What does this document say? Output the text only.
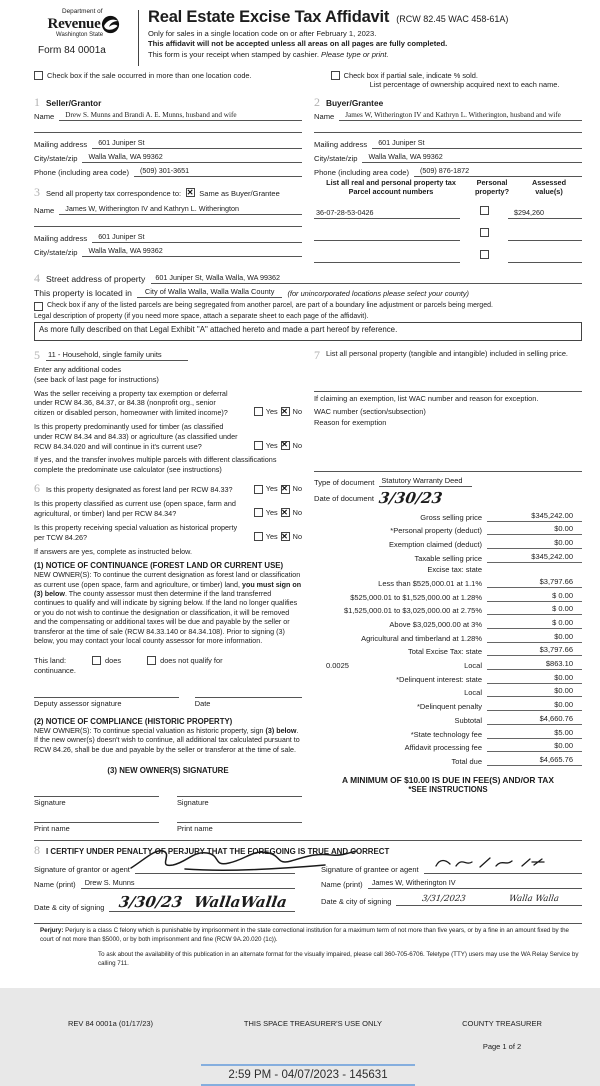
Department of
Revenue
Washington State
Form 84 0001a
Real Estate Excise Tax Affidavit (RCW 82.45 WAC 458-61A)
Only for sales in a single location code on or after February 1, 2023.
This affidavit will not be accepted unless all areas on all pages are fully completed.
This form is your receipt when stamped by cashier. Please type or print.
Check box if the sale occurred in more than one location code.	Check box if partial sale, indicate % sold.
List percentage of ownership acquired next to each name.
1 Seller/Grantor
Name	Drew S. Munns and Brandi A. E. Munns, husband and wife
Mailing address	601 Juniper St
City/state/zip	Walla Walla, WA 99362
Phone (including area code)	(509) 301-3651
3 Send all property tax correspondence to: ✕ Same as Buyer/Grantee
Name	James W, Witherington IV and Kathryn L. Witherington
Mailing address	601 Juniper St
City/state/zip	Walla Walla, WA 99362
2 Buyer/Grantee
Name	James W, Witherington IV and Kathryn L. Witherington, husband and wife
Mailing address	601 Juniper St
City/state/zip	Walla Walla, WA 99362
Phone (including area code)	(509) 876-1872
List all real and personal property tax
Parcel account numbers
Personal
property?
Assessed
value(s)
36-07-28-53-0426	$294,260
4 Street address of property	601 Juniper St, Walla Walla, WA 99362
This property is located in	City of Walla Walla, Walla Walla County	(for unincorporated locations please select your county)
Check box if any of the listed parcels are being segregated from another parcel, are part of a boundary line adjustment or parcels being merged.
Legal description of property (if you need more space, attach a separate sheet to each page of the affidavit).
As more fully described on that Legal Exhibit "A" attached hereto and made a part hereof by reference.
5 11 - Household, single family units
Enter any additional codes
(see back of last page for instructions)
Was the seller receiving a property tax exemption or deferral under RCW 84.36, 84.37, or 84.38 (nonprofit org., senior citizen or disabled person, homeowner with limited income)?	Yes ✕ No
Is this property predominantly used for timber (as classified under RCW 84.34 and 84.33) or agriculture (as classified under RCW 84.34.020 and will continue in it's current use?	Yes ✕ No
If yes, and the transfer involves multiple parcels with different classifications complete the predominate use calculator (see instructions)
6 Is this property designated as forest land per RCW 84.33?	Yes ✕ No
Is this property classified as current use (open space, farm and agricultural, or timber) land per RCW 84.34?	Yes ✕ No
Is this property receiving special valuation as historical property per TCW 84.26?	Yes ✕ No
If answers are yes, complete as instructed below.
(1) NOTICE OF CONTINUANCE (FOREST LAND OR CURRENT USE)
NEW OWNER(S): To continue the current designation as forest land or classification as current use (open space, farm and agriculture, or timber) land, you must sign on (3) below. The county assessor must then determine if the land transferred continues to qualify and will indicate by signing below. If the land no longer qualifies or you do not wish to continue the designation or classification, it will be removed and the compensating or additional taxes will be due and payable by the seller or transferor at the time of sale (RCW 84.33.140 or 84.34.108). Prior to signing (3) below, you may contact your local county assessor for more information.
This land:	does	does not qualify for
continuance.
Deputy assessor signature	Date
(2) NOTICE OF COMPLIANCE (HISTORIC PROPERTY)
NEW OWNER(S): To continue special valuation as historic property, sign (3) below. If the new owner(s) doesn't wish to continue, all additional tax calculated pursuant to RCW 84.26, shall be due and payable by the seller or transferor at the time of sale.
(3) NEW OWNER(S) SIGNATURE
Signature	Signature
Print name	Print name
7 List all personal property (tangible and intangible) included in selling price.
If claiming an exemption, list WAC number and reason for exception.
WAC number (section/subsection)
Reason for exemption
Type of document Statutory Warranty Deed
Date of document 3/30/23
Gross selling price	$345,242.00
*Personal property (deduct)	$0.00
Exemption claimed (deduct)	$0.00
Taxable selling price	$345,242.00
Excise tax: state
Less than $525,000.01 at 1.1%	$3,797.66
$525,000.01 to $1,525,000.00 at 1.28%	$ 0.00
$1,525,000.01 to $3,025,000.00 at 2.75%	$ 0.00
Above $3,025,000.00 at 3%	$ 0.00
Agricultural and timberland at 1.28%	$0.00
Total Excise Tax: state	$3,797.66
0.0025	Local	$863.10
*Delinquent interest: state	$0.00
Local	$0.00
*Delinquent penalty	$0.00
Subtotal	$4,660.76
*State technology fee	$5.00
Affidavit processing fee	$0.00
Total due	$4,665.76
A MINIMUM OF $10.00 IS DUE IN FEE(S) AND/OR TAX
*SEE INSTRUCTIONS
8 I CERTIFY UNDER PENALTY OF PERJURY THAT THE FOREGOING IS TRUE AND CORRECT
Signature of grantor or agent
Name (print)	Drew S. Munns
Date & city of signing 3/30/23 WallaWalla
Signature of grantee or agent
Name (print)	James W, Witherington IV
Date & city of signing	3/31/2023	Walla Walla
Perjury: Perjury is a class C felony which is punishable by imprisonment in the state correctional institution for a maximum term of not more than five years, or by a fine in an amount fixed by the court of not more than $5000, or by both imprisonment and fine (RCW 9A.20.020 (1c)).
To ask about the availability of this publication in an alternate format for the visually impaired, please call 360-705-6706. Teletype (TTY) users may use the WA Relay Service by calling 711.
REV 84 0001a (01/17/23)	THIS SPACE TREASURER'S USE ONLY	COUNTY TREASURER
Page 1 of 2
2:59 PM - 04/07/2023 - 145631
